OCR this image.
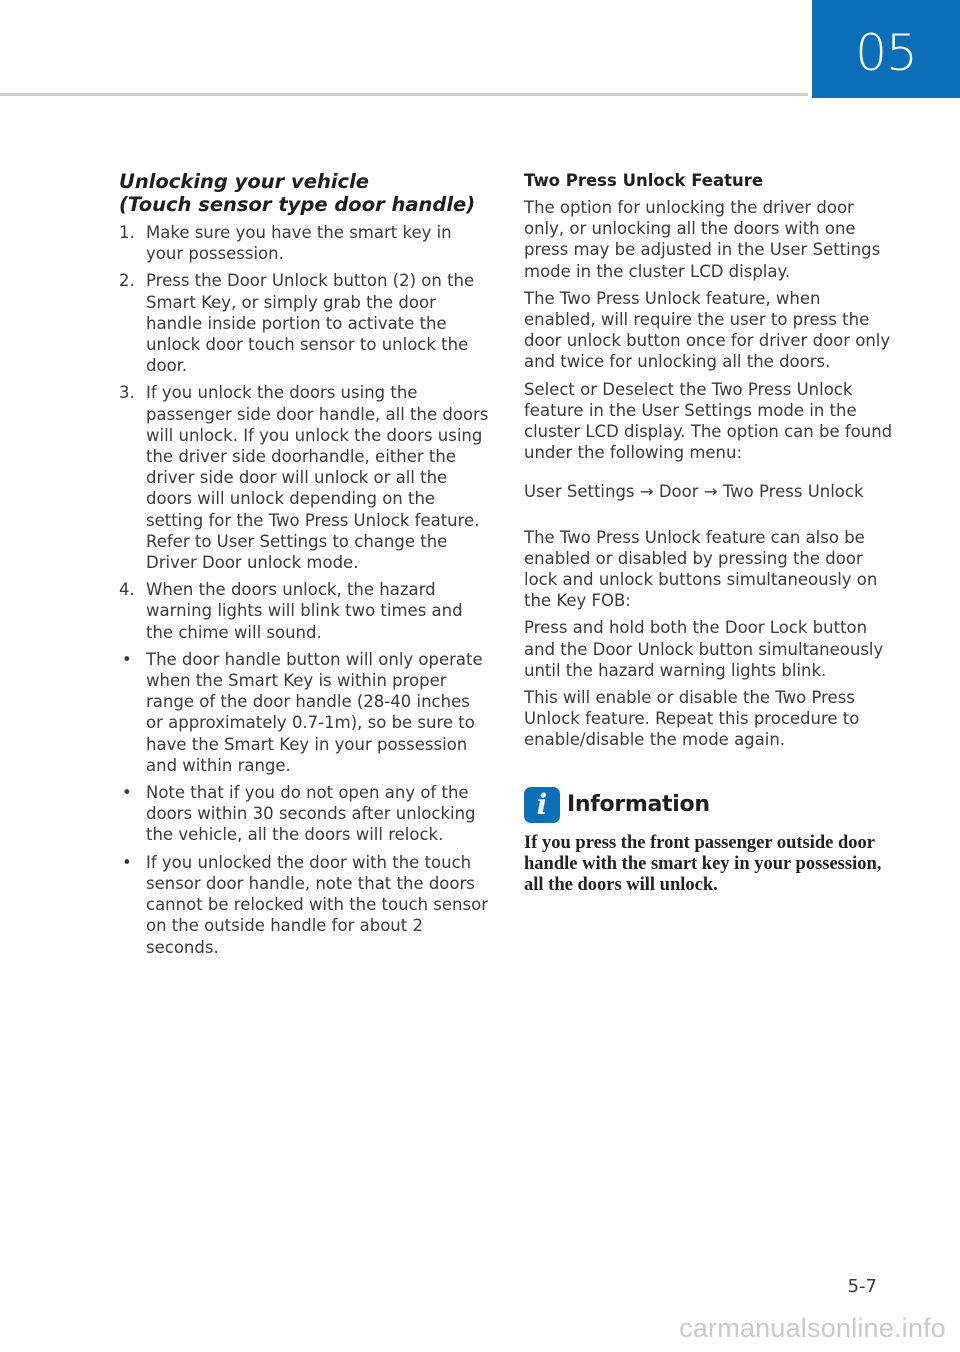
05
Unlocking your vehicle
(Touch sensor type door handle)
1. Make sure you have the smart key in your possession.
2. Press the Door Unlock button (2) on the Smart Key, or simply grab the door handle inside portion to activate the unlock door touch sensor to unlock the door.
3. If you unlock the doors using the passenger side door handle, all the doors will unlock. If you unlock the doors using the driver side doorhandle, either the driver side door will unlock or all the doors will unlock depending on the setting for the Two Press Unlock feature. Refer to User Settings to change the Driver Door unlock mode.
4. When the doors unlock, the hazard warning lights will blink two times and the chime will sound.
• The door handle button will only operate when the Smart Key is within proper range of the door handle (28-40 inches or approximately 0.7-1m), so be sure to have the Smart Key in your possession and within range.
• Note that if you do not open any of the doors within 30 seconds after unlocking the vehicle, all the doors will relock.
• If you unlocked the door with the touch sensor door handle, note that the doors cannot be relocked with the touch sensor on the outside handle for about 2 seconds.
Two Press Unlock Feature

The option for unlocking the driver door only, or unlocking all the doors with one press may be adjusted in the User Settings mode in the cluster LCD display.

The Two Press Unlock feature, when enabled, will require the user to press the door unlock button once for driver door only and twice for unlocking all the doors.

Select or Deselect the Two Press Unlock feature in the User Settings mode in the cluster LCD display. The option can be found under the following menu:

User Settings → Door → Two Press Unlock

The Two Press Unlock feature can also be enabled or disabled by pressing the door lock and unlock buttons simultaneously on the Key FOB:

Press and hold both the Door Lock button and the Door Unlock button simultaneously until the hazard warning lights blink.

This will enable or disable the Two Press Unlock feature. Repeat this procedure to enable/disable the mode again.

i Information

If you press the front passenger outside door handle with the smart key in your possession, all the doors will unlock.

5-7
carmanualsonline.info
